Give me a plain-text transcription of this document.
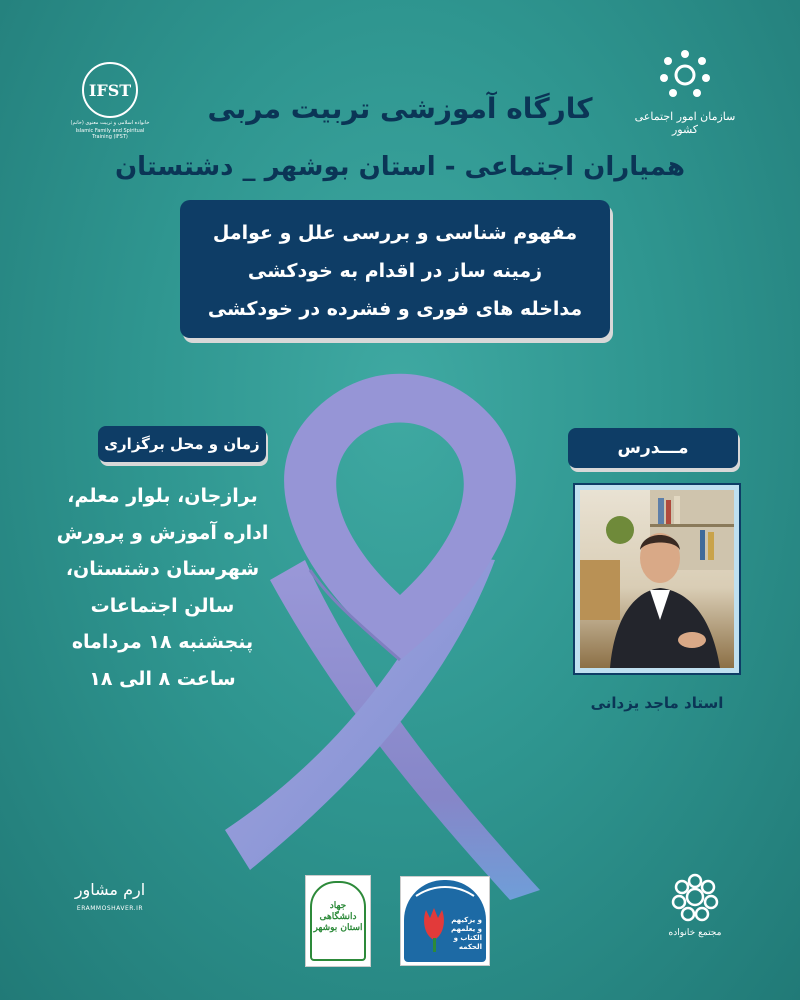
IFST
خانواده اسلامی و تربیت معنوی (خاتم)
Islamic Family and Spiritual Training (IFST)
سازمان امور اجتماعی کشور
کارگاه آموزشی تربیت مربی
همیاران اجتماعی - استان بوشهر _ دشتستان
مفهوم شناسی و بررسی علل و عوامل
زمینه ساز در اقدام به خودکشی
مداخله های فوری و فشرده در خودکشی
زمان و محل برگزاری
برازجان، بلوار معلم،
اداره آموزش و پرورش
شهرستان دشتستان،
سالن اجتماعات
پنجشنبه ۱۸ مرداماه
ساعت ۸ الی ۱۸
مـــدرس
استاد ماجد یزدانی
ارم مشاور
ERAMMOSHAVER.IR	جهاد دانشگاهی استان بوشهر
و یزکیهم و یعلمهم الکتاب و الحکمه
مجتمع خانواده
